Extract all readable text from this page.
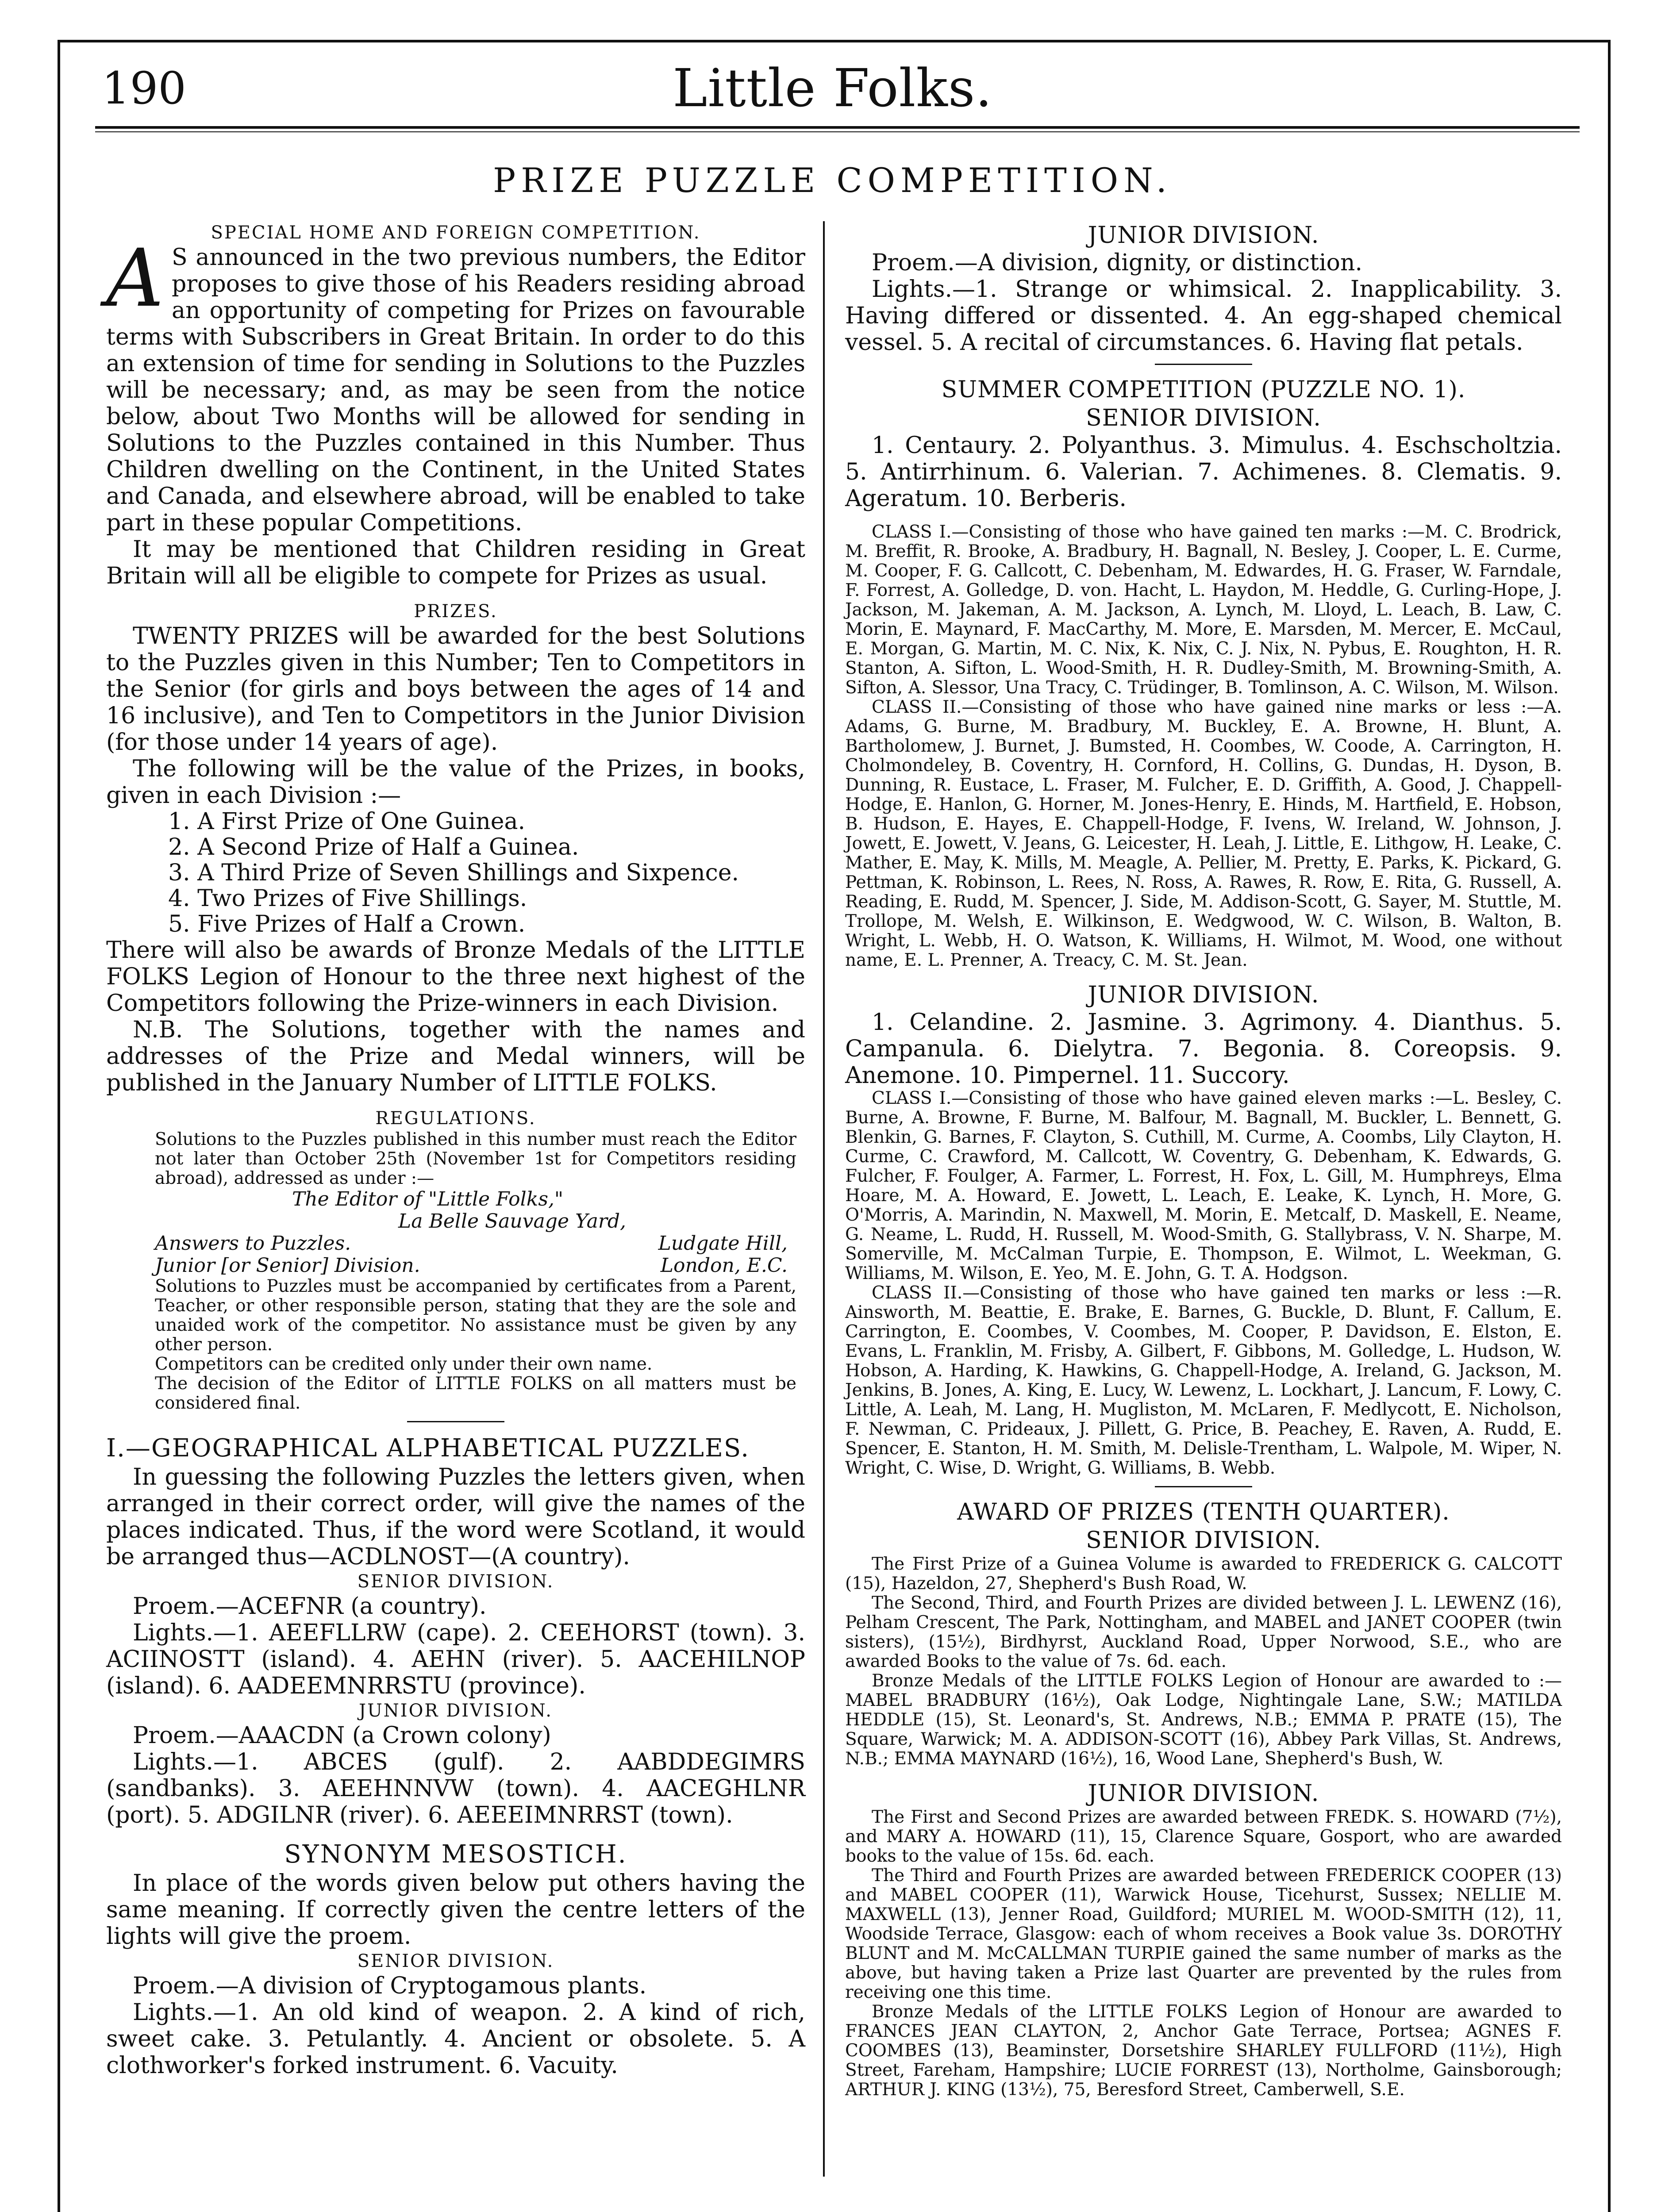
190	Little Folks.
PRIZE PUZZLE COMPETITION.

SPECIAL HOME AND FOREIGN COMPETITION.

A S announced in the two previous numbers, the Editor proposes to give those of his Readers residing abroad an opportunity of competing for Prizes on favourable terms with Subscribers in Great Britain. In order to do this an extension of time for sending in Solutions to the Puzzles will be necessary; and, as may be seen from the notice below, about Two Months will be allowed for sending in Solutions to the Puzzles contained in this Number. Thus Children dwelling on the Continent, in the United States and Canada, and elsewhere abroad, will be enabled to take part in these popular Competitions.

It may be mentioned that Children residing in Great Britain will all be eligible to compete for Prizes as usual.

PRIZES.

TWENTY PRIZES will be awarded for the best Solutions to the Puzzles given in this Number; Ten to Competitors in the Senior (for girls and boys between the ages of 14 and 16 inclusive), and Ten to Competitors in the Junior Division (for those under 14 years of age).

The following will be the value of the Prizes, in books, given in each Division :—

1. A First Prize of One Guinea.

2. A Second Prize of Half a Guinea.

3. A Third Prize of Seven Shillings and Sixpence.

4. Two Prizes of Five Shillings.

5. Five Prizes of Half a Crown.

There will also be awards of Bronze Medals of the LITTLE FOLKS Legion of Honour to the three next highest of the Competitors following the Prize-winners in each Division.

N.B. The Solutions, together with the names and addresses of the Prize and Medal winners, will be published in the January Number of LITTLE FOLKS.

REGULATIONS.

Solutions to the Puzzles published in this number must reach the Editor not later than October 25th (November 1st for Competitors residing abroad), addressed as under :—

The Editor of "Little Folks,"
La Belle Sauvage Yard,
Answers to Puzzles.	Ludgate Hill,
Junior [or Senior] Division.	London, E.C.

Solutions to Puzzles must be accompanied by certificates from a Parent, Teacher, or other responsible person, stating that they are the sole and unaided work of the competitor. No assistance must be given by any other person.

Competitors can be credited only under their own name.

The decision of the Editor of LITTLE FOLKS on all matters must be considered final.

I.—GEOGRAPHICAL ALPHABETICAL PUZZLES.

In guessing the following Puzzles the letters given, when arranged in their correct order, will give the names of the places indicated. Thus, if the word were Scotland, it would be arranged thus—ACDLNOST—(A country).

SENIOR DIVISION.

Proem.—ACEFNR (a country).

Lights.—1. AEEFLLRW (cape). 2. CEEHORST (town). 3. ACIINOSTT (island). 4. AEHN (river). 5. AACEHILNOP (island). 6. AADEEMNRRSTU (province).

JUNIOR DIVISION.

Proem.—AAACDN (a Crown colony)

Lights.—1. ABCES (gulf). 2. AABDDEGIMRS (sandbanks). 3. AEEHNNVW (town). 4. AACEGHLNR (port). 5. ADGILNR (river). 6. AEEEIMNRRST (town).

SYNONYM MESOSTICH.

In place of the words given below put others having the same meaning. If correctly given the centre letters of the lights will give the proem.

SENIOR DIVISION.

Proem.—A division of Cryptogamous plants.

Lights.—1. An old kind of weapon. 2. A kind of rich, sweet cake. 3. Petulantly. 4. Ancient or obsolete. 5. A clothworker's forked instrument. 6. Vacuity.

JUNIOR DIVISION.

Proem.—A division, dignity, or distinction.

Lights.—1. Strange or whimsical. 2. Inapplicability. 3. Having differed or dissented. 4. An egg-shaped chemical vessel. 5. A recital of circumstances. 6. Having flat petals.

SUMMER COMPETITION (PUZZLE NO. 1).

SENIOR DIVISION.

1. Centaury. 2. Polyanthus. 3. Mimulus. 4. Eschscholtzia. 5. Antirrhinum. 6. Valerian. 7. Achimenes. 8. Clematis. 9. Ageratum. 10. Berberis.

CLASS I.—Consisting of those who have gained ten marks :—M. C. Brodrick, M. Breffit, R. Brooke, A. Bradbury, H. Bagnall, N. Besley, J. Cooper, L. E. Curme, M. Cooper, F. G. Callcott, C. Debenham, M. Edwardes, H. G. Fraser, W. Farndale, F. Forrest, A. Golledge, D. von. Hacht, L. Haydon, M. Heddle, G. Curling-Hope, J. Jackson, M. Jakeman, A. M. Jackson, A. Lynch, M. Lloyd, L. Leach, B. Law, C. Morin, E. Maynard, F. MacCarthy, M. More, E. Marsden, M. Mercer, E. McCaul, E. Morgan, G. Martin, M. C. Nix, K. Nix, C. J. Nix, N. Pybus, E. Roughton, H. R. Stanton, A. Sifton, L. Wood-Smith, H. R. Dudley-Smith, M. Browning-Smith, A. Sifton, A. Slessor, Una Tracy, C. Trüdinger, B. Tomlinson, A. C. Wilson, M. Wilson.

CLASS II.—Consisting of those who have gained nine marks or less :—A. Adams, G. Burne, M. Bradbury, M. Buckley, E. A. Browne, H. Blunt, A. Bartholomew, J. Burnet, J. Bumsted, H. Coombes, W. Coode, A. Carrington, H. Cholmondeley, B. Coventry, H. Cornford, H. Collins, G. Dundas, H. Dyson, B. Dunning, R. Eustace, L. Fraser, M. Fulcher, E. D. Griffith, A. Good, J. Chappell-Hodge, E. Hanlon, G. Horner, M. Jones-Henry, E. Hinds, M. Hartfield, E. Hobson, B. Hudson, E. Hayes, E. Chappell-Hodge, F. Ivens, W. Ireland, W. Johnson, J. Jowett, E. Jowett, V. Jeans, G. Leicester, H. Leah, J. Little, E. Lithgow, H. Leake, C. Mather, E. May, K. Mills, M. Meagle, A. Pellier, M. Pretty, E. Parks, K. Pickard, G. Pettman, K. Robinson, L. Rees, N. Ross, A. Rawes, R. Row, E. Rita, G. Russell, A. Reading, E. Rudd, M. Spencer, J. Side, M. Addison-Scott, G. Sayer, M. Stuttle, M. Trollope, M. Welsh, E. Wilkinson, E. Wedgwood, W. C. Wilson, B. Walton, B. Wright, L. Webb, H. O. Watson, K. Williams, H. Wilmot, M. Wood, one without name, E. L. Prenner, A. Treacy, C. M. St. Jean.

JUNIOR DIVISION.

1. Celandine. 2. Jasmine. 3. Agrimony. 4. Dianthus. 5. Campanula. 6. Dielytra. 7. Begonia. 8. Coreopsis. 9. Anemone. 10. Pimpernel. 11. Succory.

CLASS I.—Consisting of those who have gained eleven marks :—L. Besley, C. Burne, A. Browne, F. Burne, M. Balfour, M. Bagnall, M. Buckler, L. Bennett, G. Blenkin, G. Barnes, F. Clayton, S. Cuthill, M. Curme, A. Coombs, Lily Clayton, H. Curme, C. Crawford, M. Callcott, W. Coventry, G. Debenham, K. Edwards, G. Fulcher, F. Foulger, A. Farmer, L. Forrest, H. Fox, L. Gill, M. Humphreys, Elma Hoare, M. A. Howard, E. Jowett, L. Leach, E. Leake, K. Lynch, H. More, G. O'Morris, A. Marindin, N. Maxwell, M. Morin, E. Metcalf, D. Maskell, E. Neame, G. Neame, L. Rudd, H. Russell, M. Wood-Smith, G. Stallybrass, V. N. Sharpe, M. Somerville, M. McCalman Turpie, E. Thompson, E. Wilmot, L. Weekman, G. Williams, M. Wilson, E. Yeo, M. E. John, G. T. A. Hodgson.

CLASS II.—Consisting of those who have gained ten marks or less :—R. Ainsworth, M. Beattie, E. Brake, E. Barnes, G. Buckle, D. Blunt, F. Callum, E. Carrington, E. Coombes, V. Coombes, M. Cooper, P. Davidson, E. Elston, E. Evans, L. Franklin, M. Frisby, A. Gilbert, F. Gibbons, M. Golledge, L. Hudson, W. Hobson, A. Harding, K. Hawkins, G. Chappell-Hodge, A. Ireland, G. Jackson, M. Jenkins, B. Jones, A. King, E. Lucy, W. Lewenz, L. Lockhart, J. Lancum, F. Lowy, C. Little, A. Leah, M. Lang, H. Mugliston, M. McLaren, F. Medlycott, E. Nicholson, F. Newman, C. Prideaux, J. Pillett, G. Price, B. Peachey, E. Raven, A. Rudd, E. Spencer, E. Stanton, H. M. Smith, M. Delisle-Trentham, L. Walpole, M. Wiper, N. Wright, C. Wise, D. Wright, G. Williams, B. Webb.

AWARD OF PRIZES (TENTH QUARTER).

SENIOR DIVISION.

The First Prize of a Guinea Volume is awarded to FREDERICK G. CALCOTT (15), Hazeldon, 27, Shepherd's Bush Road, W.

The Second, Third, and Fourth Prizes are divided between J. L. LEWENZ (16), Pelham Crescent, The Park, Nottingham, and MABEL and JANET COOPER (twin sisters), (15½), Birdhyrst, Auckland Road, Upper Norwood, S.E., who are awarded Books to the value of 7s. 6d. each.

Bronze Medals of the LITTLE FOLKS Legion of Honour are awarded to :—MABEL BRADBURY (16½), Oak Lodge, Nightingale Lane, S.W.; MATILDA HEDDLE (15), St. Leonard's, St. Andrews, N.B.; EMMA P. PRATE (15), The Square, Warwick; M. A. ADDISON-SCOTT (16), Abbey Park Villas, St. Andrews, N.B.; EMMA MAYNARD (16½), 16, Wood Lane, Shepherd's Bush, W.

JUNIOR DIVISION.

The First and Second Prizes are awarded between FREDK. S. HOWARD (7½), and MARY A. HOWARD (11), 15, Clarence Square, Gosport, who are awarded books to the value of 15s. 6d. each.

The Third and Fourth Prizes are awarded between FREDERICK COOPER (13) and MABEL COOPER (11), Warwick House, Ticehurst, Sussex; NELLIE M. MAXWELL (13), Jenner Road, Guildford; MURIEL M. WOOD-SMITH (12), 11, Woodside Terrace, Glasgow: each of whom receives a Book value 3s. DOROTHY BLUNT and M. McCALLMAN TURPIE gained the same number of marks as the above, but having taken a Prize last Quarter are prevented by the rules from receiving one this time.

Bronze Medals of the LITTLE FOLKS Legion of Honour are awarded to FRANCES JEAN CLAYTON, 2, Anchor Gate Terrace, Portsea; AGNES F. COOMBES (13), Beaminster, Dorsetshire SHARLEY FULLFORD (11½), High Street, Fareham, Hampshire; LUCIE FORREST (13), Northolme, Gainsborough; ARTHUR J. KING (13½), 75, Beresford Street, Camberwell, S.E.
